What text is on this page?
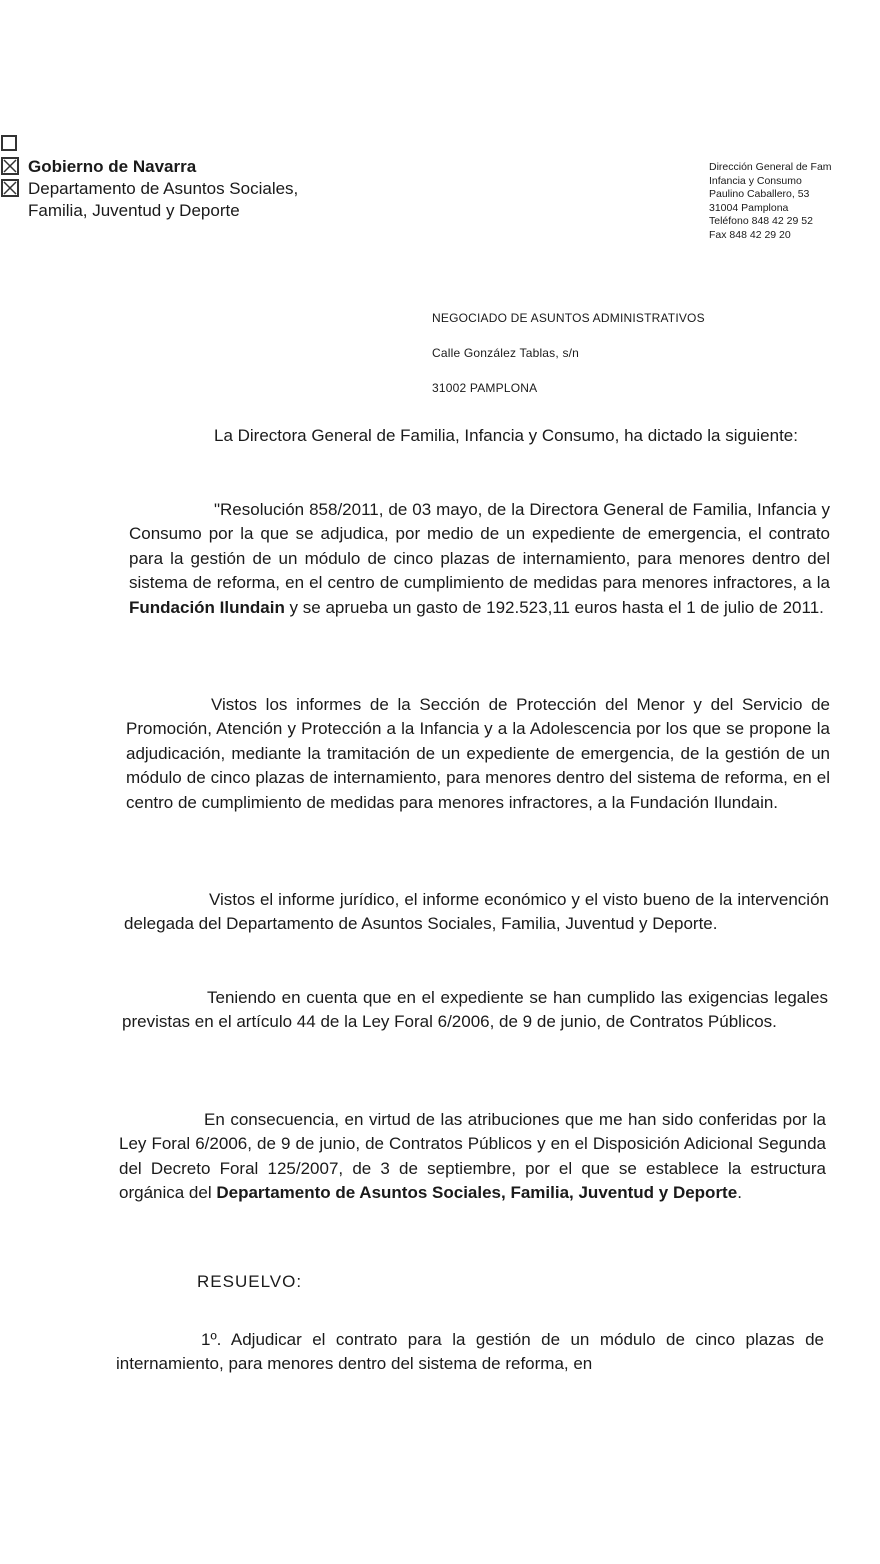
Gobierno de Navarra
Departamento de Asuntos Sociales,
Familia, Juventud y Deporte
Dirección General de Fam
Infancia y Consumo
Paulino Caballero, 53
31004 Pamplona
Teléfono 848 42 29 52
Fax 848 42 29 20
NEGOCIADO DE ASUNTOS ADMINISTRATIVOS
Calle González Tablas, s/n
31002 PAMPLONA

La Directora General de Familia, Infancia y Consumo, ha dictado la siguiente:

"Resolución 858/2011, de 03 mayo, de la Directora General de Familia, Infancia y Consumo por la que se adjudica, por medio de un expediente de emergencia, el contrato para la gestión de un módulo de cinco plazas de internamiento, para menores dentro del sistema de reforma, en el centro de cumplimiento de medidas para menores infractores, a la Fundación Ilundain y se aprueba un gasto de 192.523,11 euros hasta el 1 de julio de 2011.

Vistos los informes de la Sección de Protección del Menor y del Servicio de Promoción, Atención y Protección a la Infancia y a la Adolescencia por los que se propone la adjudicación, mediante la tramitación de un expediente de emergencia, de la gestión de un módulo de cinco plazas de internamiento, para menores dentro del sistema de reforma, en el centro de cumplimiento de medidas para menores infractores, a la Fundación Ilundain.

Vistos el informe jurídico, el informe económico y el visto bueno de la intervención delegada del Departamento de Asuntos Sociales, Familia, Juventud y Deporte.

Teniendo en cuenta que en el expediente se han cumplido las exigencias legales previstas en el artículo 44 de la Ley Foral 6/2006, de 9 de junio, de Contratos Públicos.

En consecuencia, en virtud de las atribuciones que me han sido conferidas por la Ley Foral 6/2006, de 9 de junio, de Contratos Públicos y en el Disposición Adicional Segunda del Decreto Foral 125/2007, de 3 de septiembre, por el que se establece la estructura orgánica del Departamento de Asuntos Sociales, Familia, Juventud y Deporte.

RESUELVO:

1º. Adjudicar el contrato para la gestión de un módulo de cinco plazas de internamiento, para menores dentro del sistema de reforma, en
